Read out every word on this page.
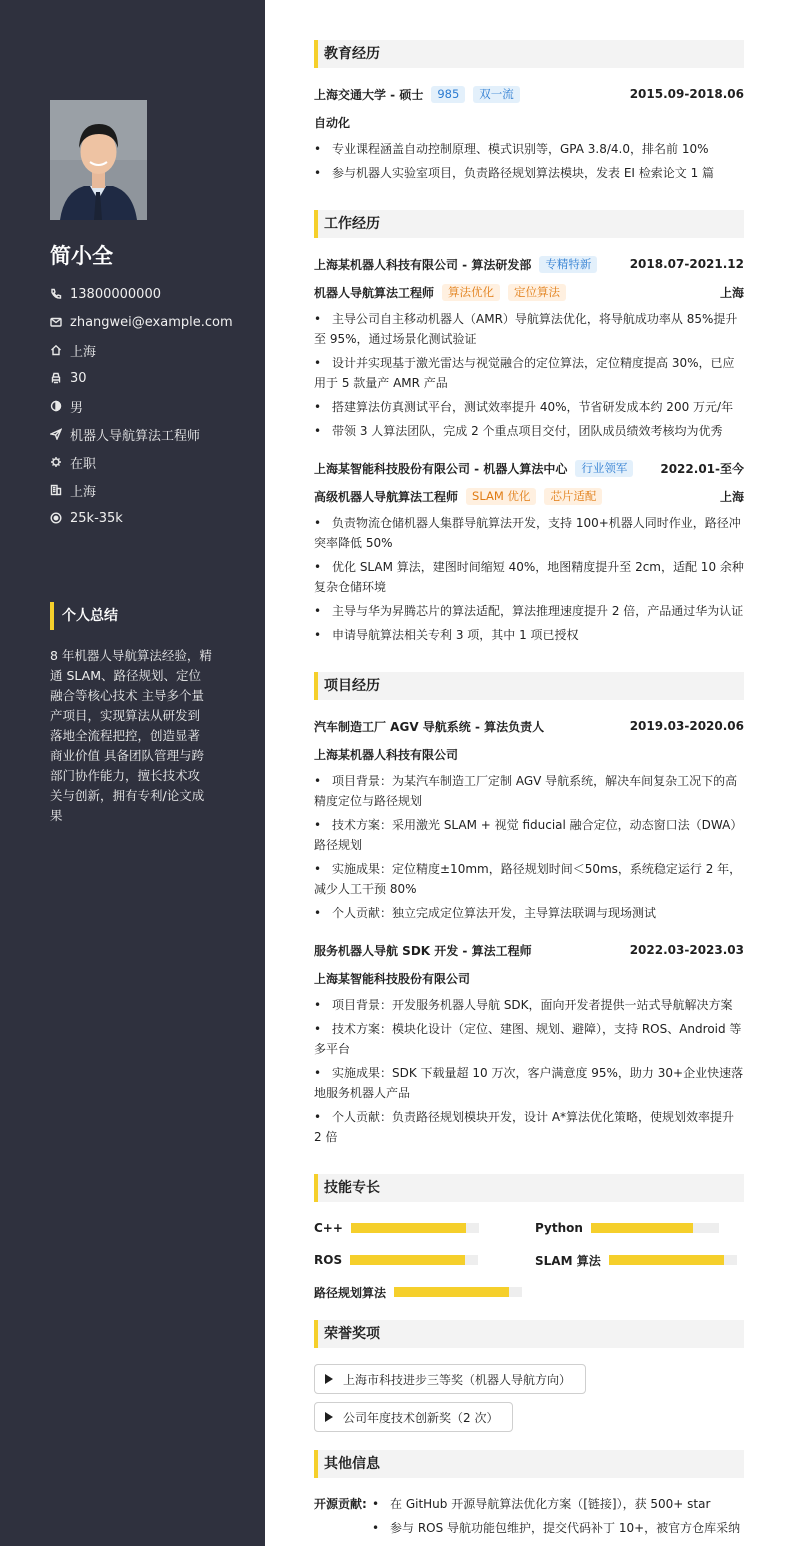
简小全
13800000000
zhangwei@example.com
上海
30
男
机器人导航算法工程师
在职
上海
25k-35k
个人总结
8 年机器人导航算法经验，精通 SLAM、路径规划、定位融合等核心技术 主导多个量产项目，实现算法从研发到落地全流程把控，创造显著商业价值 具备团队管理与跨部门协作能力，擅长技术攻关与创新，拥有专利/论文成果
教育经历
上海交通大学 - 硕士	985	双一流	2015.09-2018.06
自动化
• 专业课程涵盖自动控制原理、模式识别等，GPA 3.8/4.0，排名前 10%
• 参与机器人实验室项目，负责路径规划算法模块，发表 EI 检索论文 1 篇
工作经历
上海某机器人科技有限公司 - 算法研发部	专精特新	2018.07-2021.12
机器人导航算法工程师	算法优化	定位算法	上海
• 主导公司自主移动机器人（AMR）导航算法优化，将导航成功率从 85%提升至 95%，通过场景化测试验证
• 设计并实现基于激光雷达与视觉融合的定位算法，定位精度提高 30%，已应用于 5 款量产 AMR 产品
• 搭建算法仿真测试平台，测试效率提升 40%，节省研发成本约 200 万元/年
• 带领 3 人算法团队，完成 2 个重点项目交付，团队成员绩效考核均为优秀
上海某智能科技股份有限公司 - 机器人算法中心	行业领军	2022.01-至今
高级机器人导航算法工程师	SLAM 优化	芯片适配	上海
• 负责物流仓储机器人集群导航算法开发，支持 100+机器人同时作业，路径冲突率降低 50%
• 优化 SLAM 算法，建图时间缩短 40%，地图精度提升至 2cm，适配 10 余种复杂仓储环境
• 主导与华为昇腾芯片的算法适配，算法推理速度提升 2 倍，产品通过华为认证
• 申请导航算法相关专利 3 项，其中 1 项已授权
项目经历
汽车制造工厂 AGV 导航系统 - 算法负责人	2019.03-2020.06
上海某机器人科技有限公司
• 项目背景：为某汽车制造工厂定制 AGV 导航系统，解决车间复杂工况下的高精度定位与路径规划
• 技术方案：采用激光 SLAM + 视觉 fiducial 融合定位，动态窗口法（DWA）路径规划
• 实施成果：定位精度±10mm，路径规划时间＜50ms，系统稳定运行 2 年，减少人工干预 80%
• 个人贡献：独立完成定位算法开发，主导算法联调与现场测试
服务机器人导航 SDK 开发 - 算法工程师	2022.03-2023.03
上海某智能科技股份有限公司
• 项目背景：开发服务机器人导航 SDK，面向开发者提供一站式导航解决方案
• 技术方案：模块化设计（定位、建图、规划、避障），支持 ROS、Android 等多平台
• 实施成果：SDK 下载量超 10 万次，客户满意度 95%，助力 30+企业快速落地服务机器人产品
• 个人贡献：负责路径规划模块开发，设计 A*算法优化策略，使规划效率提升 2 倍
技能专长
C++	Python
ROS	SLAM 算法
路径规划算法
荣誉奖项
上海市科技进步三等奖（机器人导航方向）
公司年度技术创新奖（2 次）
其他信息
开源贡献:
•	在 GitHub 开源导航算法优化方案（[链接]），获 500+ star
• 参与 ROS 导航功能包维护，提交代码补丁 10+，被官方仓库采纳
